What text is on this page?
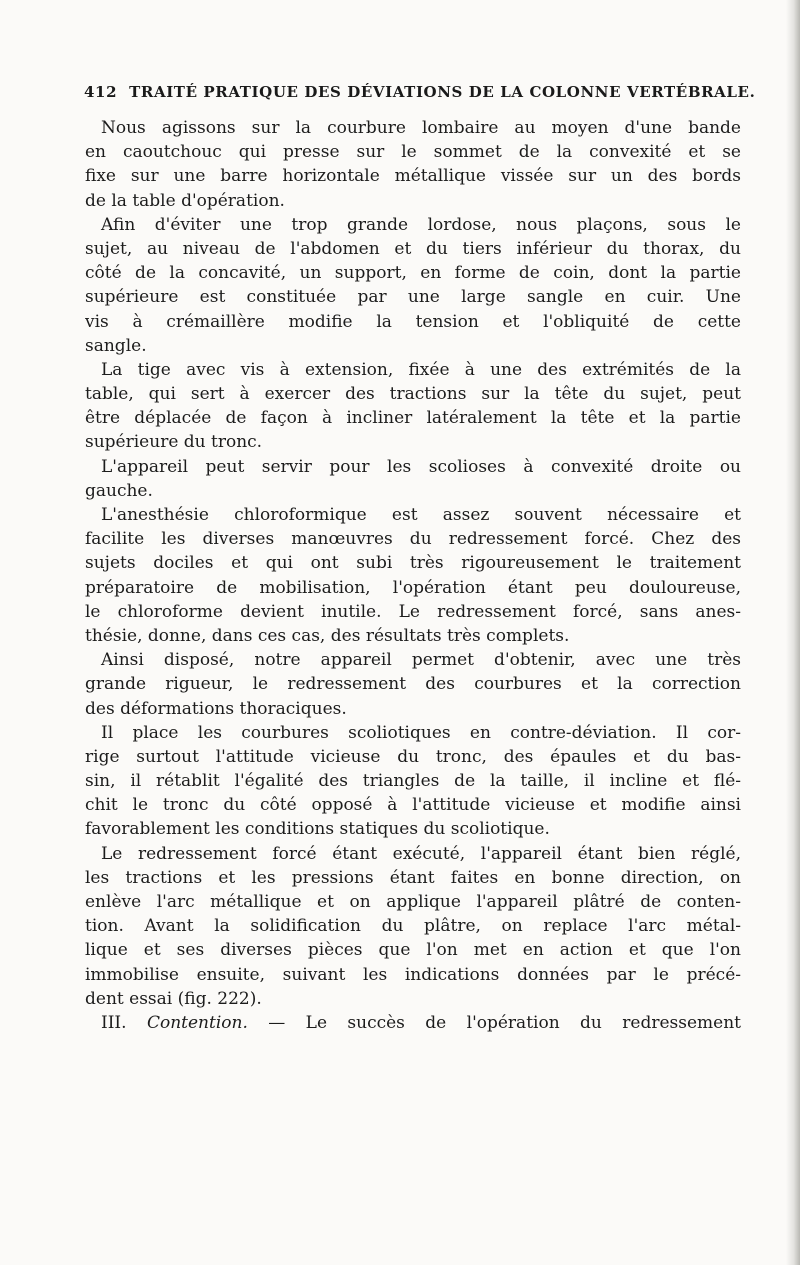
412 TRAITÉ PRATIQUE DES DÉVIATIONS DE LA COLONNE VERTÉBRALE.
Nous agissons sur la courbure lombaire au moyen d'une bande
en caoutchouc qui presse sur le sommet de la convexité et se
fixe sur une barre horizontale métallique vissée sur un des bords
de la table d'opération.
Afin d'éviter une trop grande lordose, nous plaçons, sous le
sujet, au niveau de l'abdomen et du tiers inférieur du thorax, du
côté de la concavité, un support, en forme de coin, dont la partie
supérieure est constituée par une large sangle en cuir. Une
vis à crémaillère modifie la tension et l'obliquité de cette
sangle.
La tige avec vis à extension, fixée à une des extrémités de la
table, qui sert à exercer des tractions sur la tête du sujet, peut
être déplacée de façon à incliner latéralement la tête et la partie
supérieure du tronc.
L'appareil peut servir pour les scolioses à convexité droite ou
gauche.
L'anesthésie chloroformique est assez souvent nécessaire et
facilite les diverses manœuvres du redressement forcé. Chez des
sujets dociles et qui ont subi très rigoureusement le traitement
préparatoire de mobilisation, l'opération étant peu douloureuse,
le chloroforme devient inutile. Le redressement forcé, sans anes-
thésie, donne, dans ces cas, des résultats très complets.
Ainsi disposé, notre appareil permet d'obtenir, avec une très
grande rigueur, le redressement des courbures et la correction
des déformations thoraciques.
Il place les courbures scoliotiques en contre-déviation. Il cor-
rige surtout l'attitude vicieuse du tronc, des épaules et du bas-
sin, il rétablit l'égalité des triangles de la taille, il incline et flé-
chit le tronc du côté opposé à l'attitude vicieuse et modifie ainsi
favorablement les conditions statiques du scoliotique.
Le redressement forcé étant exécuté, l'appareil étant bien réglé,
les tractions et les pressions étant faites en bonne direction, on
enlève l'arc métallique et on applique l'appareil plâtré de conten-
tion. Avant la solidification du plâtre, on replace l'arc métal-
lique et ses diverses pièces que l'on met en action et que l'on
immobilise ensuite, suivant les indications données par le précé-
dent essai (fig. 222).
III. Contention. — Le succès de l'opération du redressement
